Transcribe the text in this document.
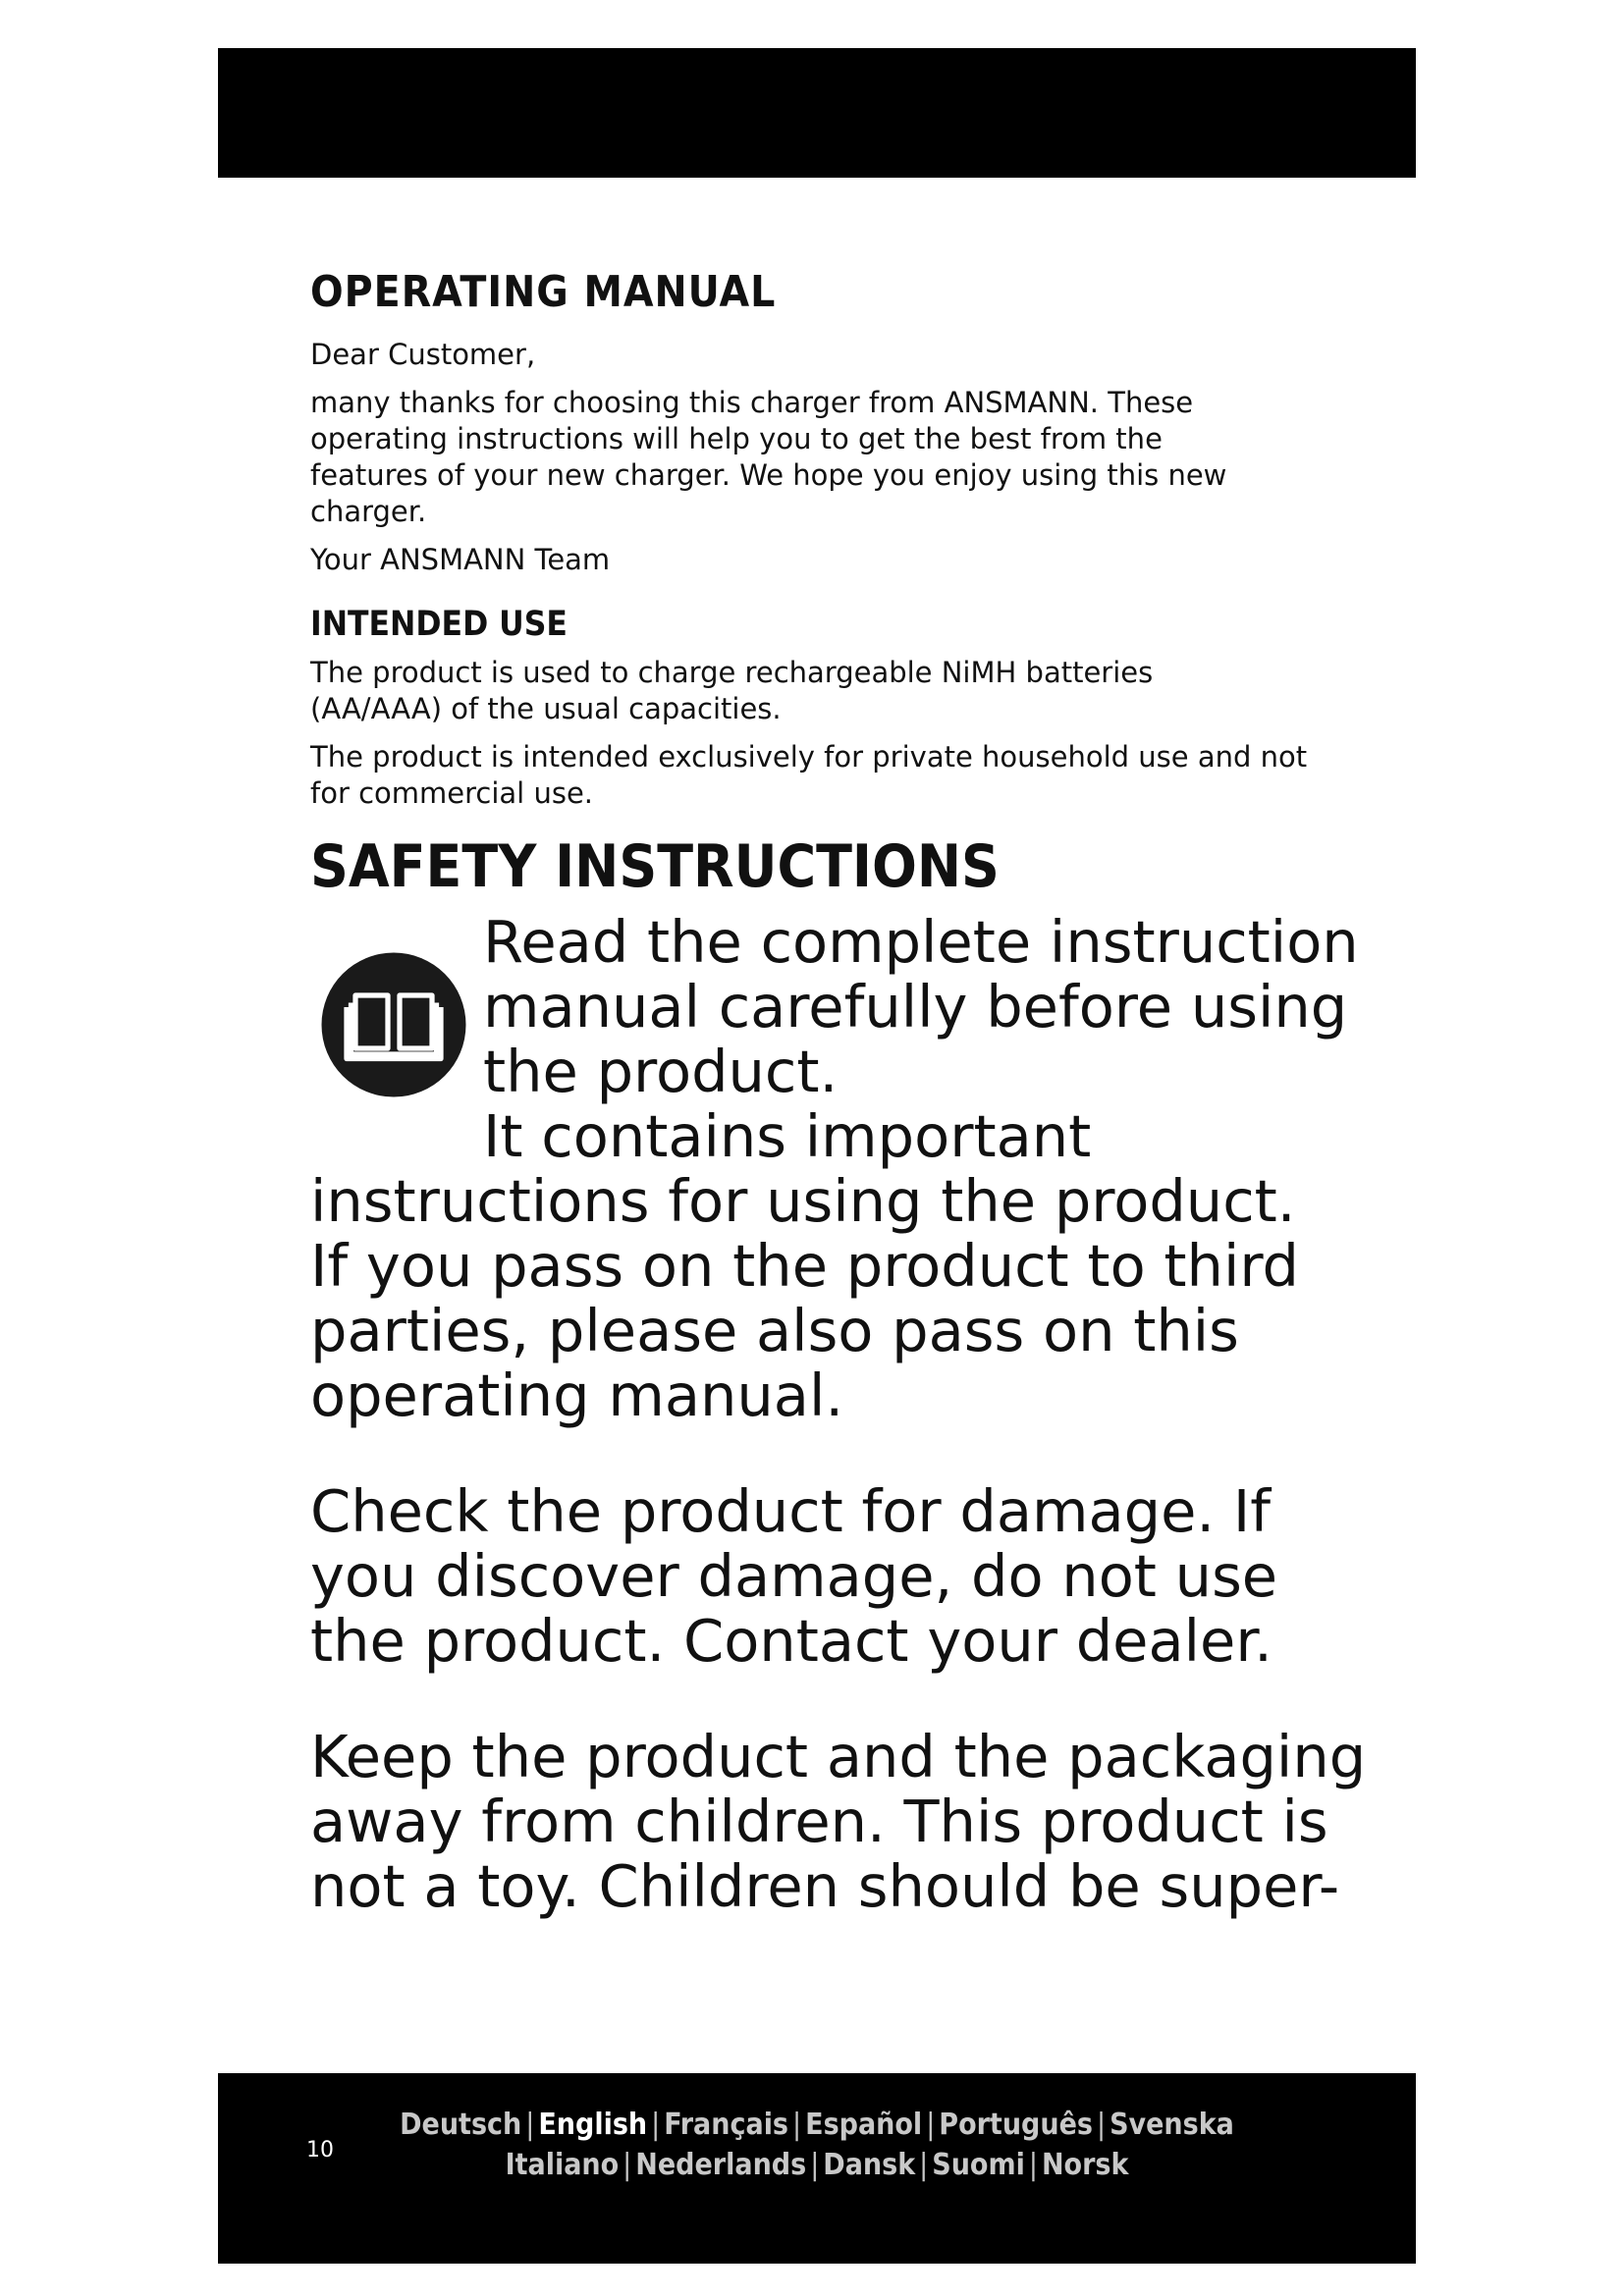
OPERATING MANUAL

Dear Customer,

many thanks for choosing this charger from ANSMANN. These operating instructions will help you to get the best from the features of your new charger. We hope you enjoy using this new charger.

Your ANSMANN Team

INTENDED USE

The product is used to charge rechargeable NiMH batteries (AA/AAA) of the usual capacities.

The product is intended exclusively for private household use and not for commercial use.

SAFETY INSTRUCTIONS

Read the complete instruction manual carefully before using the product.

It contains important instructions for using the product.

If you pass on the product to third parties, please also pass on this operating manual.

Check the product for damage. If you discover damage, do not use the product. Contact your dealer.

Keep the product and the packaging away from children. This product is not a toy. Children should be super-

10
Deutsch | English | Français | Español | Português | Svenska
Italiano | Nederlands | Dansk | Suomi | Norsk
